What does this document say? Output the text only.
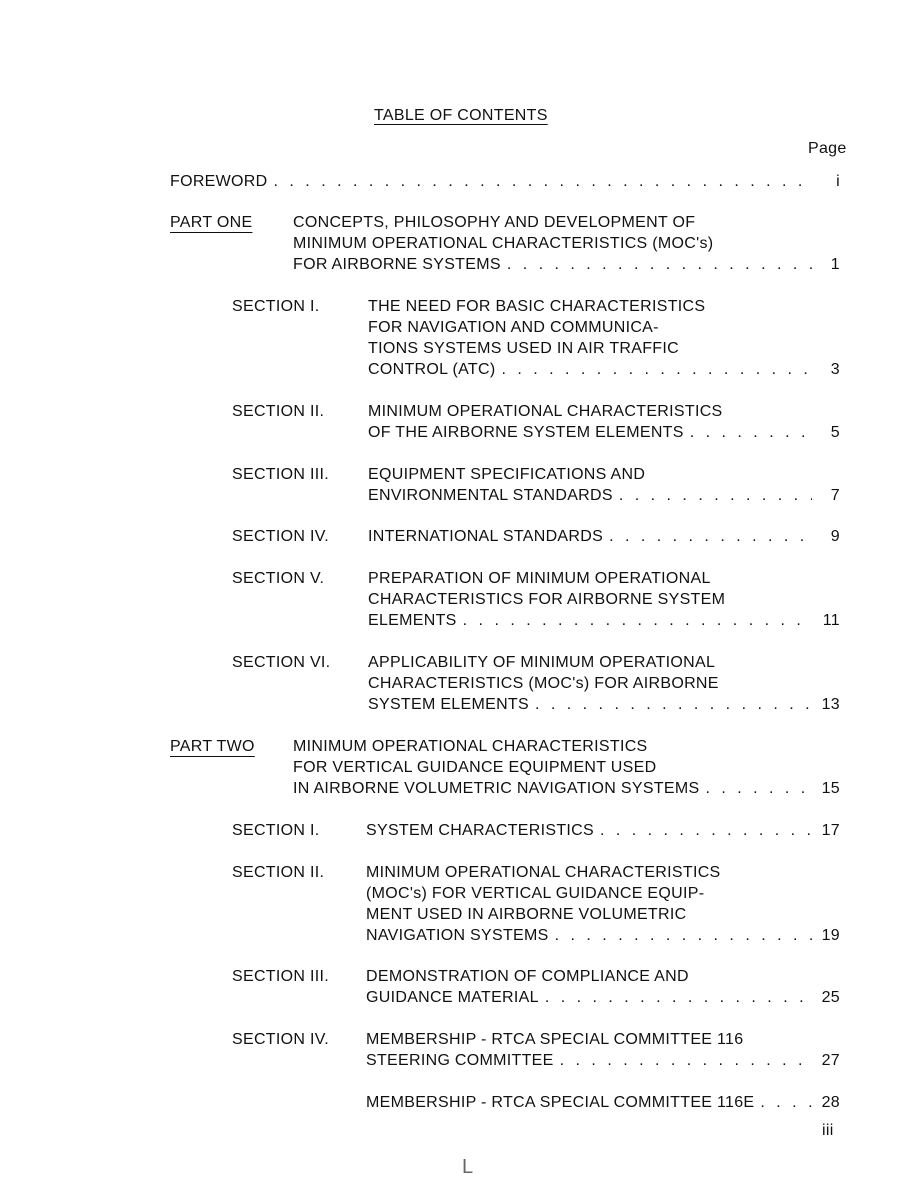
TABLE OF CONTENTS
Page
FOREWORD . . .	i
PART ONE	CONCEPTS, PHILOSOPHY AND DEVELOPMENT OF
MINIMUM OPERATIONAL CHARACTERISTICS (MOC's)
FOR AIRBORNE SYSTEMS . . .	1
SECTION I.	THE NEED FOR BASIC CHARACTERISTICS
FOR NAVIGATION AND COMMUNICA-
TIONS SYSTEMS USED IN AIR TRAFFIC
CONTROL (ATC) . . .	3
SECTION II.	MINIMUM OPERATIONAL CHARACTERISTICS
OF THE AIRBORNE SYSTEM ELEMENTS . . .	5
SECTION III. EQUIPMENT SPECIFICATIONS AND
ENVIRONMENTAL STANDARDS . . .	7
SECTION IV. INTERNATIONAL STANDARDS . . .	9
SECTION V.	PREPARATION OF MINIMUM OPERATIONAL
CHARACTERISTICS FOR AIRBORNE SYSTEM
ELEMENTS . . .	11
SECTION VI. APPLICABILITY OF MINIMUM OPERATIONAL
CHARACTERISTICS (MOC's) FOR AIRBORNE
SYSTEM ELEMENTS . . .	13
PART TWO MINIMUM OPERATIONAL CHARACTERISTICS
FOR VERTICAL GUIDANCE EQUIPMENT USED
IN AIRBORNE VOLUMETRIC NAVIGATION SYSTEMS . . .	15
SECTION I.	SYSTEM CHARACTERISTICS . . .	17
SECTION II.	MINIMUM OPERATIONAL CHARACTERISTICS
(MOC's) FOR VERTICAL GUIDANCE EQUIP-
MENT USED IN AIRBORNE VOLUMETRIC
NAVIGATION SYSTEMS . . .	19
SECTION III. DEMONSTRATION OF COMPLIANCE AND
GUIDANCE MATERIAL . . .	25
SECTION IV. MEMBERSHIP - RTCA SPECIAL COMMITTEE 116
STEERING COMMITTEE . . .	27
MEMBERSHIP - RTCA SPECIAL COMMITTEE 116E . . .	28
iii
L
